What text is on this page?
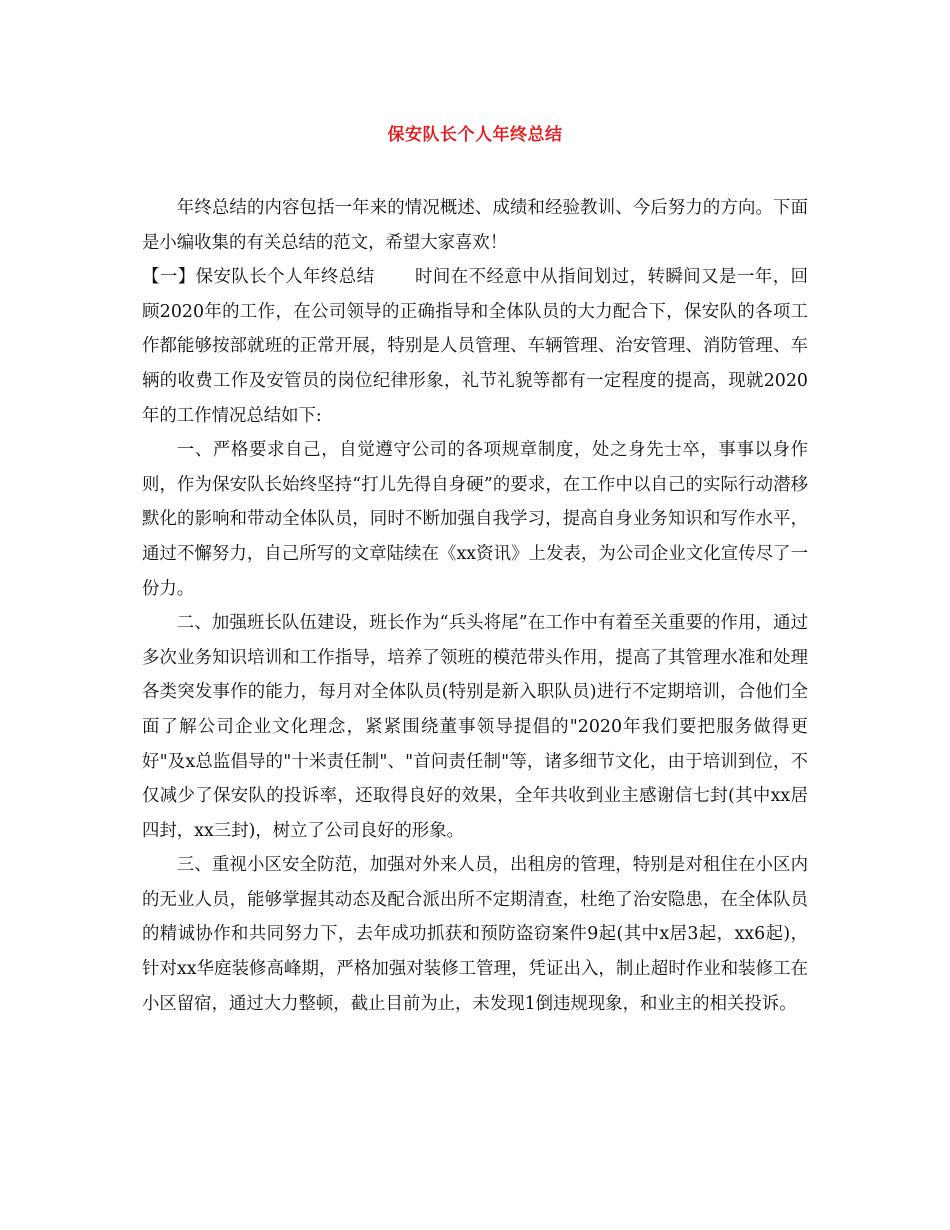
保安队长个人年终总结

年终总结的内容包括一年来的情况概述、成绩和经验教训、今后努力的方向。下面是小编收集的有关总结的范文，希望大家喜欢！

【一】保安队长个人年终总结 时间在不经意中从指间划过，转瞬间又是一年，回顾2020年的工作，在公司领导的正确指导和全体队员的大力配合下，保安队的各项工作都能够按部就班的正常开展，特别是人员管理、车辆管理、治安管理、消防管理、车辆的收费工作及安管员的岗位纪律形象，礼节礼貌等都有一定程度的提高，现就2020年的工作情况总结如下:

一、严格要求自己，自觉遵守公司的各项规章制度，处之身先士卒，事事以身作则，作为保安队长始终坚持“打儿先得自身硬”的要求，在工作中以自己的实际行动潜移默化的影响和带动全体队员，同时不断加强自我学习，提高自身业务知识和写作水平，通过不懈努力，自己所写的文章陆续在《xx资讯》上发表，为公司企业文化宣传尽了一份力。

二、加强班长队伍建设，班长作为“兵头将尾”在工作中有着至关重要的作用，通过多次业务知识培训和工作指导，培养了领班的模范带头作用，提高了其管理水准和处理各类突发事作的能力，每月对全体队员(特别是新入职队员)进行不定期培训，合他们全面了解公司企业文化理念，紧紧围绕董事领导提倡的"2020年我们要把服务做得更好"及x总监倡导的"十米责任制"、"首问责任制"等，诸多细节文化，由于培训到位，不仅减少了保安队的投诉率，还取得良好的效果，全年共收到业主感谢信七封(其中xx居四封，xx三封)，树立了公司良好的形象。

三、重视小区安全防范，加强对外来人员，出租房的管理，特别是对租住在小区内的无业人员，能够掌握其动态及配合派出所不定期清查，杜绝了治安隐患，在全体队员的精诚协作和共同努力下，去年成功抓获和预防盗窃案件9起(其中x居3起，xx6起)，针对xx华庭装修高峰期，严格加强对装修工管理，凭证出入，制止超时作业和装修工在小区留宿，通过大力整顿，截止目前为止，未发现1倒违规现象，和业主的相关投诉。
